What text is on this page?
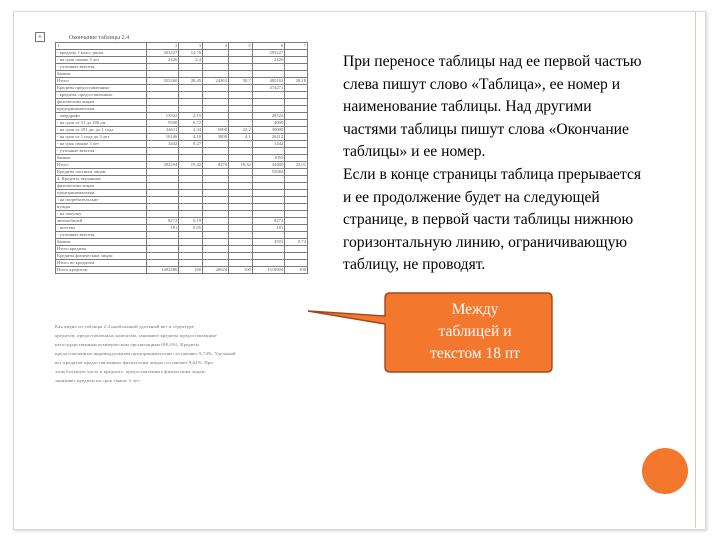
+	Окончание таблицы 2.4
1	2	3	4	5	6	7
- кредиты 1 класс риска	203227	14,76			203227	
- на срок свыше 3 лет	2426	2,4			2426	
- учтенные векселя						
банков						
Итого	355260	28,45	24263	50,7	485163	28,18
Кредиты предоставленные					474271	
- кредиты, предоставленные						
физическим лицам						
предпринимателям						
- овердрафт	13522	2,19			28522	
- на срок от 31 до 180 дн.	9500	0,72			4000	
- на срок от 181 дн. до 1 года	34611	2,34	5000	22,2	30000	
- на срок от 1 года до 3 лет	16146	4,18	3800	4,1	26212	
- на срок свыше 3 лет	3442	0,27			1442	
- учтенные векселя						
банков					1055	
Итого	282294	19,42	8270	18,32	34405	25,01
Кредиты частным лицам					55684	
4. Кредиты, выданные						
физическим лицам						
предпринимателям						
- на потребительские						
нужды						
- на покупку						
автомобилей	8272	0,19			8272	
- ипотека	181	0,05			181	
- учтенные векселя						
банков					3501	0,74
Итого кредиты						
Кредиты физическим лицам						
Итого по кредитам						
Всего кредитов	1492380	100	26624	100	1519004	100
Как видно из таблицы 2.4 наибольший удельный вес в структуре
кредитов, предоставленных клиентам, занимают кредиты предоставленные
негосударственным коммерческим организациям (68,4%). Кредиты
предоставленные индивидуальным предпринимателям составляют 9,74%. Удельный
вес кредитов предоставленных физическим лицам составляет 9,62%. При
этом большую часть в кредитах, предоставленных физическим лицам,
занимают кредиты на срок свыше 3 лет.
При переносе таблицы над ее первой частью
слева пишут слово «Таблица», ее номер и
наименование таблицы. Над другими
частями таблицы пишут слова «Окончание
таблицы» и ее номер.
Если в конце страницы таблица прерывается
и ее продолжение будет на следующей
странице, в первой части таблицы нижнюю
горизонтальную линию, ограничивающую
таблицу, не проводят.
Между
таблицей и
текстом 18 пт
